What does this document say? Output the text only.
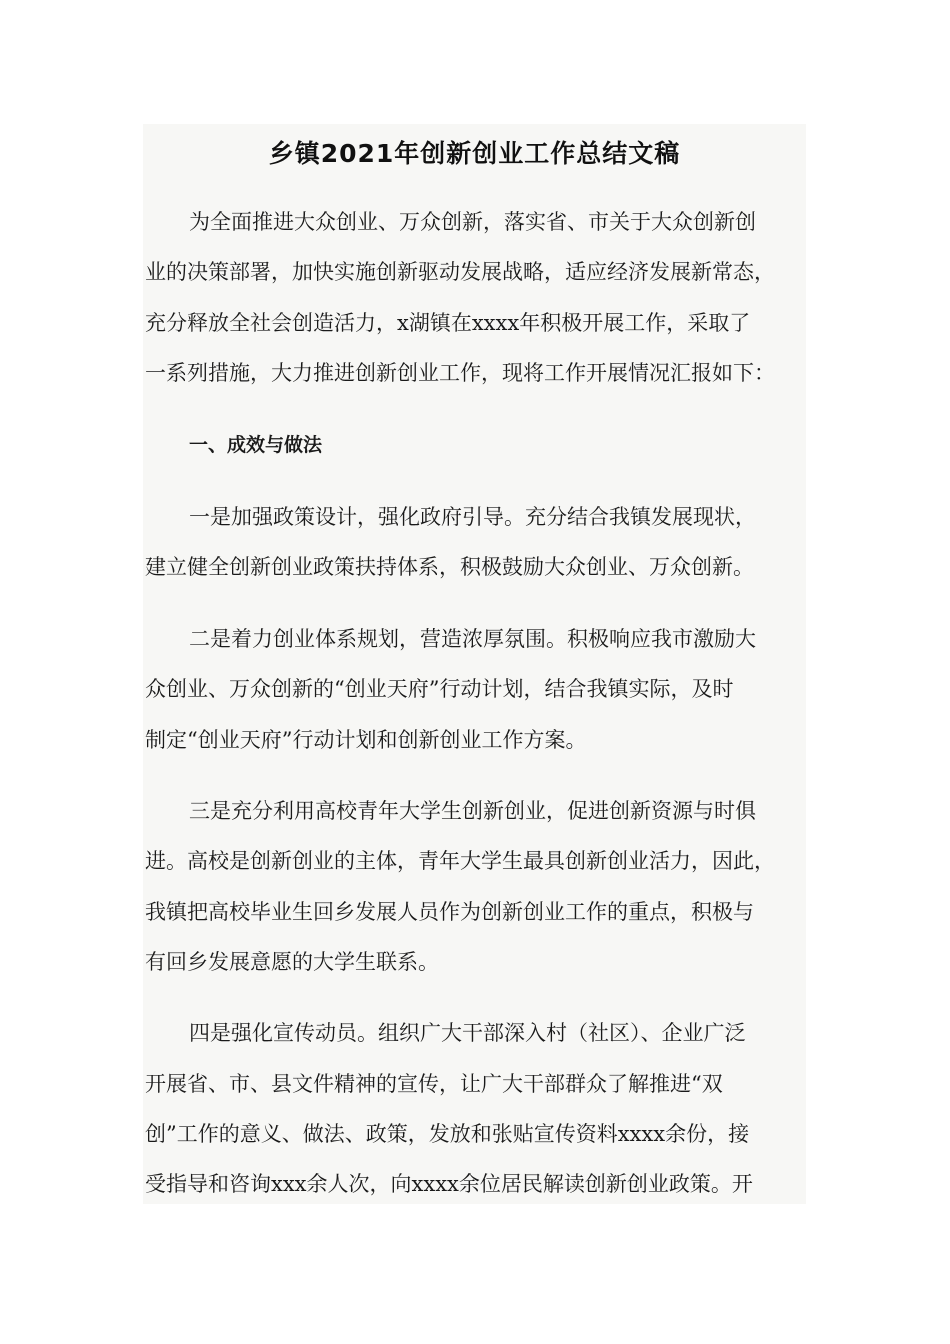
乡镇2021年创新创业工作总结文稿
为全面推进大众创业、万众创新，落实省、市关于大众创新创
业的决策部署，加快实施创新驱动发展战略，适应经济发展新常态，
充分释放全社会创造活力，x湖镇在xxxx年积极开展工作，采取了
一系列措施，大力推进创新创业工作，现将工作开展情况汇报如下：
一、成效与做法
一是加强政策设计，强化政府引导。充分结合我镇发展现状，
建立健全创新创业政策扶持体系，积极鼓励大众创业、万众创新。
二是着力创业体系规划，营造浓厚氛围。积极响应我市激励大
众创业、万众创新的“创业天府”行动计划，结合我镇实际，及时
制定“创业天府”行动计划和创新创业工作方案。
三是充分利用高校青年大学生创新创业，促进创新资源与时俱
进。高校是创新创业的主体，青年大学生最具创新创业活力，因此，
我镇把高校毕业生回乡发展人员作为创新创业工作的重点，积极与
有回乡发展意愿的大学生联系。
四是强化宣传动员。组织广大干部深入村（社区）、企业广泛
开展省、市、县文件精神的宣传，让广大干部群众了解推进“双
创”工作的意义、做法、政策，发放和张贴宣传资料xxxx余份，接
受指导和咨询xxx余人次，向xxxx余位居民解读创新创业政策。开
